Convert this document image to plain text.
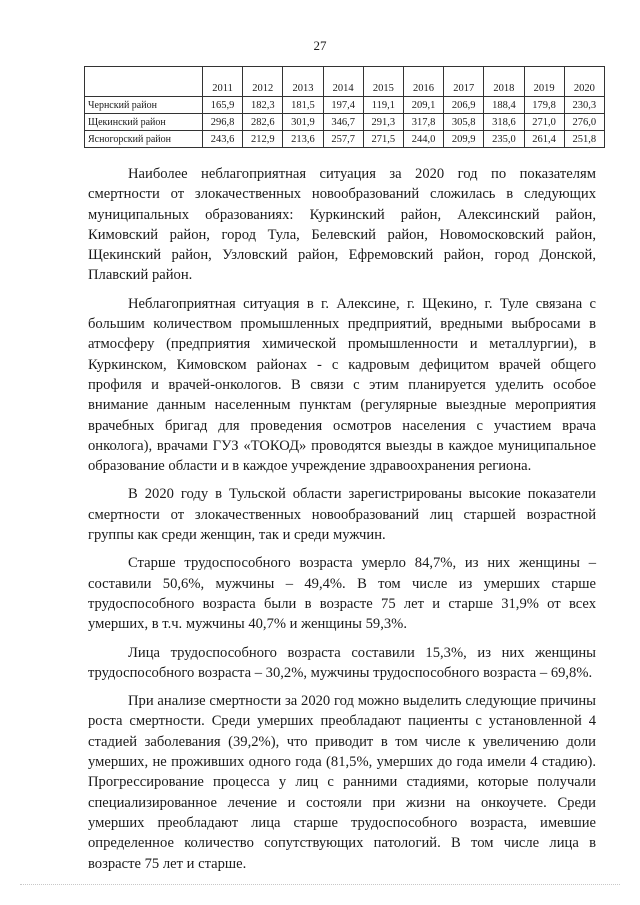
27
	2011	2012	2013	2014	2015	2016	2017	2018	2019	2020
Чернский район	165,9	182,3	181,5	197,4	119,1	209,1	206,9	188,4	179,8	230,3
Щекинский район	296,8	282,6	301,9	346,7	291,3	317,8	305,8	318,6	271,0	276,0
Ясногорский район	243,6	212,9	213,6	257,7	271,5	244,0	209,9	235,0	261,4	251,8

Наиболее неблагоприятная ситуация за 2020 год по показателям смертности от злокачественных новообразований сложилась в следующих муниципальных образованиях: Куркинский район, Алексинский район, Кимовский район, город Тула, Белевский район, Новомосковский район, Щекинский район, Узловский район, Ефремовский район, город Донской, Плавский район.

Неблагоприятная ситуация в г. Алексине, г. Щекино, г. Туле связана с большим количеством промышленных предприятий, вредными выбросами в атмосферу (предприятия химической промышленности и металлургии), в Куркинском, Кимовском районах - с кадровым дефицитом врачей общего профиля и врачей-онкологов. В связи с этим планируется уделить особое внимание данным населенным пунктам (регулярные выездные мероприятия врачебных бригад для проведения осмотров населения с участием врача онколога), врачами ГУЗ «ТОКОД» проводятся выезды в каждое муниципальное образование области и в каждое учреждение здравоохранения региона.

В 2020 году в Тульской области зарегистрированы высокие показатели смертности от злокачественных новообразований лиц старшей возрастной группы как среди женщин, так и среди мужчин.

Старше трудоспособного возраста умерло 84,7%, из них женщины – составили 50,6%, мужчины – 49,4%. В том числе из умерших старше трудоспособного возраста были в возрасте 75 лет и старше 31,9% от всех умерших, в т.ч. мужчины 40,7% и женщины 59,3%.

Лица трудоспособного возраста составили 15,3%, из них женщины трудоспособного возраста – 30,2%, мужчины трудоспособного возраста – 69,8%.

При анализе смертности за 2020 год можно выделить следующие причины роста смертности. Среди умерших преобладают пациенты с установленной 4 стадией заболевания (39,2%), что приводит в том числе к увеличению доли умерших, не проживших одного года (81,5%, умерших до года имели 4 стадию). Прогрессирование процесса у лиц с ранними стадиями, которые получали специализированное лечение и состояли при жизни на онкоучете. Среди умерших преобладают лица старше трудоспособного возраста, имевшие определенное количество сопутствующих патологий. В том числе лица в возрасте 75 лет и старше.
